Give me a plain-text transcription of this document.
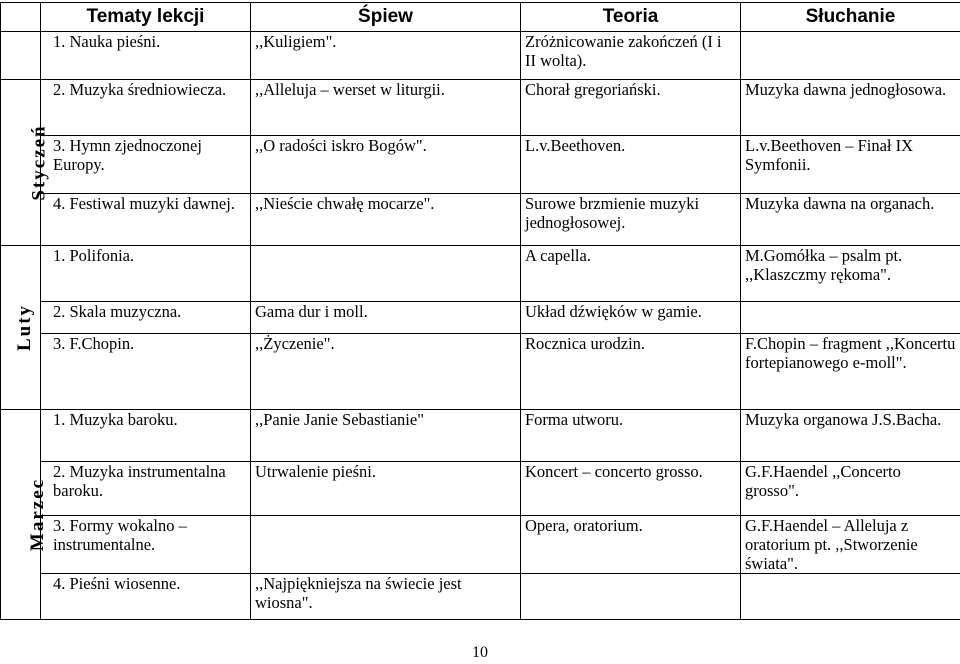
	Tematy lekcji	Śpiew	Teoria	Słuchanie
	1. Nauka pieśni.	,,Kuligiem".	Zróżnicowanie zakończeń (I i II wolta).	
Styczeń	2. Muzyka średniowiecza.	,,Alleluja – werset w liturgii.	Chorał gregoriański.	Muzyka dawna jednogłosowa.
	3. Hymn zjednoczonej Europy.	,,O radości iskro Bogów".	L.v.Beethoven.	L.v.Beethoven – Finał IX Symfonii.
	4. Festiwal muzyki dawnej.	,,Nieście chwałę mocarze".	Surowe brzmienie muzyki jednogłosowej.	Muzyka dawna na organach.
Luty	1. Polifonia.		A capella.	M.Gomółka – psalm pt. ,,Klaszczmy rękoma".
	2. Skala muzyczna.	Gama dur i moll.	Układ dźwięków w gamie.	
	3. F.Chopin.	,,Życzenie".	Rocznica urodzin.	F.Chopin – fragment ,,Koncertu fortepianowego e-moll".
Marzec	1. Muzyka baroku.	,,Panie Janie Sebastianie"	Forma utworu.	Muzyka organowa J.S.Bacha.
	2. Muzyka instrumentalna baroku.	Utrwalenie pieśni.	Koncert – concerto grosso.	G.F.Haendel ,,Concerto grosso".
	3. Formy wokalno – instrumentalne.		Opera, oratorium.	G.F.Haendel – Alleluja z oratorium pt. ,,Stworzenie świata".
	4. Pieśni wiosenne.	,,Najpiękniejsza na świecie jest wiosna".		
10
